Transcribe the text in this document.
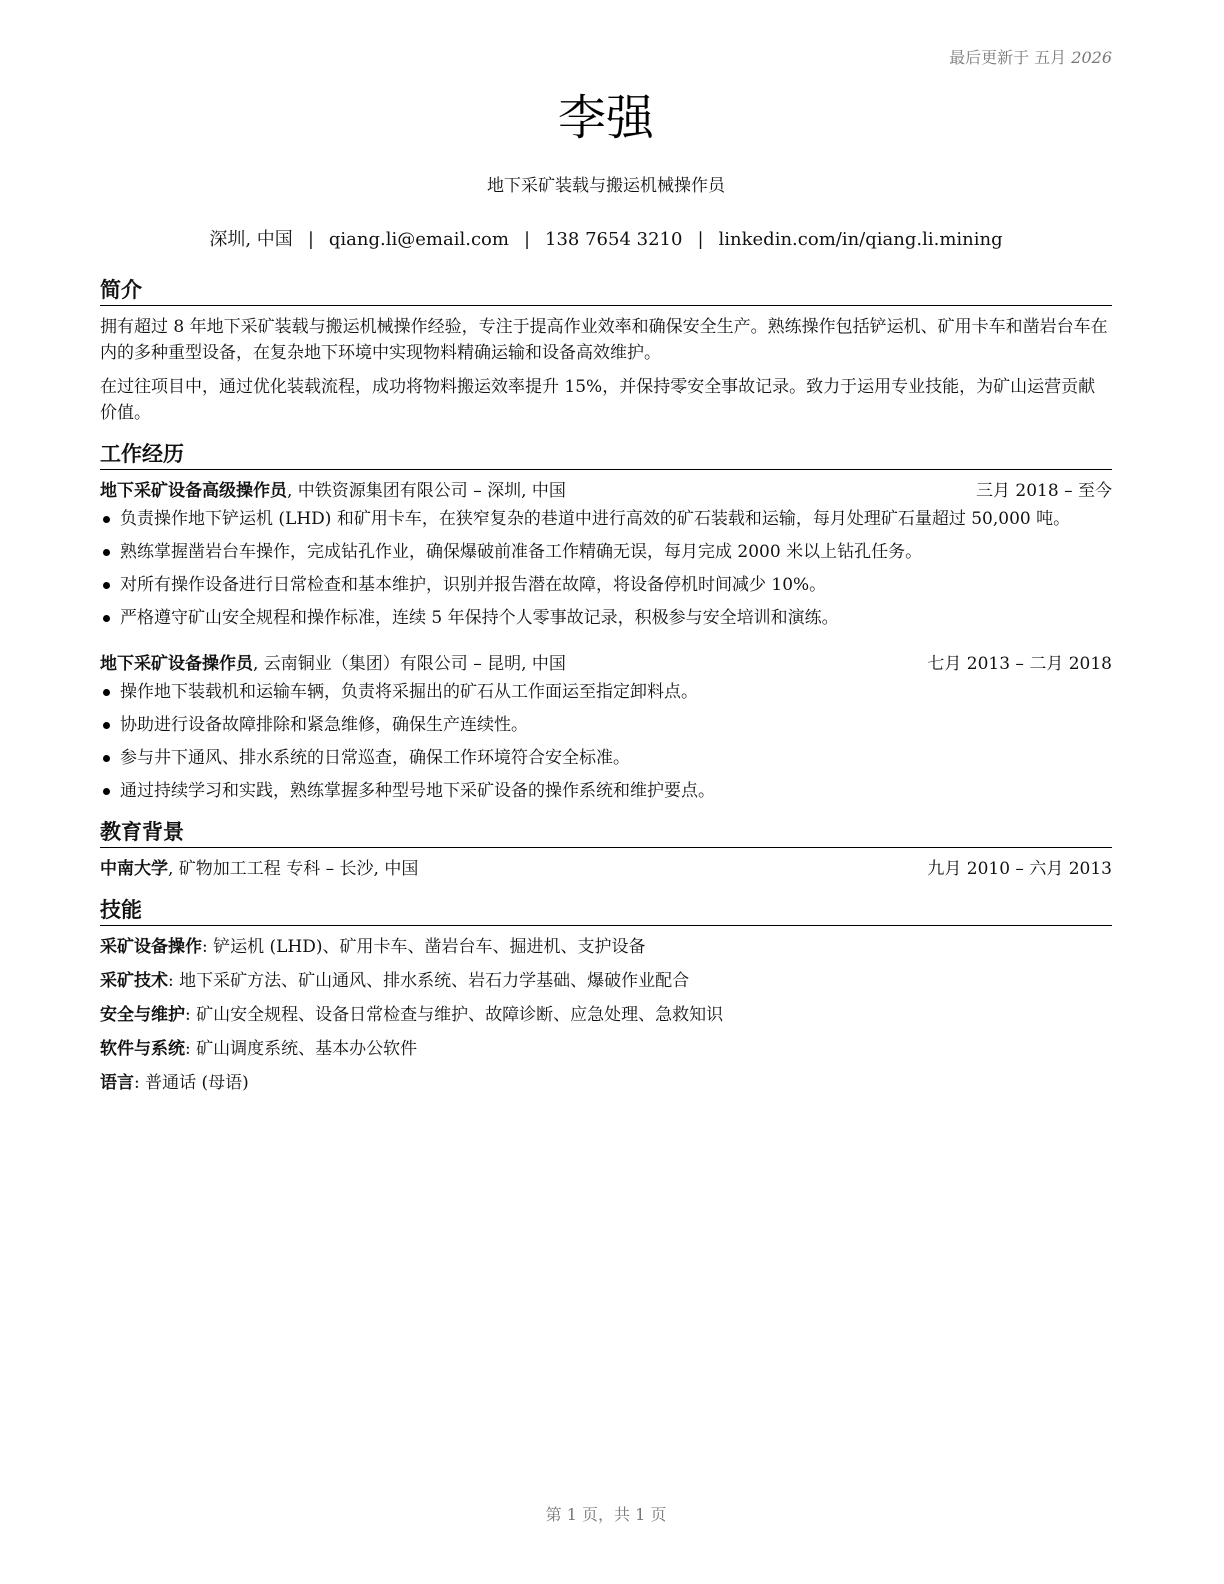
最后更新于 五月 2026
李强
地下采矿装载与搬运机械操作员
深圳, 中国 | qiang.li@email.com | 138 7654 3210 | linkedin.com/in/qiang.li.mining
简介

拥有超过 8 年地下采矿装载与搬运机械操作经验，专注于提高作业效率和确保安全生产。熟练操作包括铲运机、矿用卡车和凿岩台车在内的多种重型设备，在复杂地下环境中实现物料精确运输和设备高效维护。

在过往项目中，通过优化装载流程，成功将物料搬运效率提升 15%，并保持零安全事故记录。致力于运用专业技能，为矿山运营贡献价值。

工作经历
地下采矿设备高级操作员, 中铁资源集团有限公司 – 深圳, 中国	三月 2018 – 至今
负责操作地下铲运机 (LHD) 和矿用卡车，在狭窄复杂的巷道中进行高效的矿石装载和运输，每月处理矿石量超过 50,000 吨。
熟练掌握凿岩台车操作，完成钻孔作业，确保爆破前准备工作精确无误，每月完成 2000 米以上钻孔任务。
对所有操作设备进行日常检查和基本维护，识别并报告潜在故障，将设备停机时间减少 10%。
严格遵守矿山安全规程和操作标准，连续 5 年保持个人零事故记录，积极参与安全培训和演练。
地下采矿设备操作员, 云南铜业（集团）有限公司 – 昆明, 中国	七月 2013 – 二月 2018
操作地下装载机和运输车辆，负责将采掘出的矿石从工作面运至指定卸料点。
协助进行设备故障排除和紧急维修，确保生产连续性。
参与井下通风、排水系统的日常巡查，确保工作环境符合安全标准。
通过持续学习和实践，熟练掌握多种型号地下采矿设备的操作系统和维护要点。
教育背景
中南大学, 矿物加工工程 专科 – 长沙, 中国	九月 2010 – 六月 2013
技能
采矿设备操作: 铲运机 (LHD)、矿用卡车、凿岩台车、掘进机、支护设备
采矿技术: 地下采矿方法、矿山通风、排水系统、岩石力学基础、爆破作业配合
安全与维护: 矿山安全规程、设备日常检查与维护、故障诊断、应急处理、急救知识
软件与系统: 矿山调度系统、基本办公软件
语言: 普通话 (母语)
第 1 页，共 1 页
